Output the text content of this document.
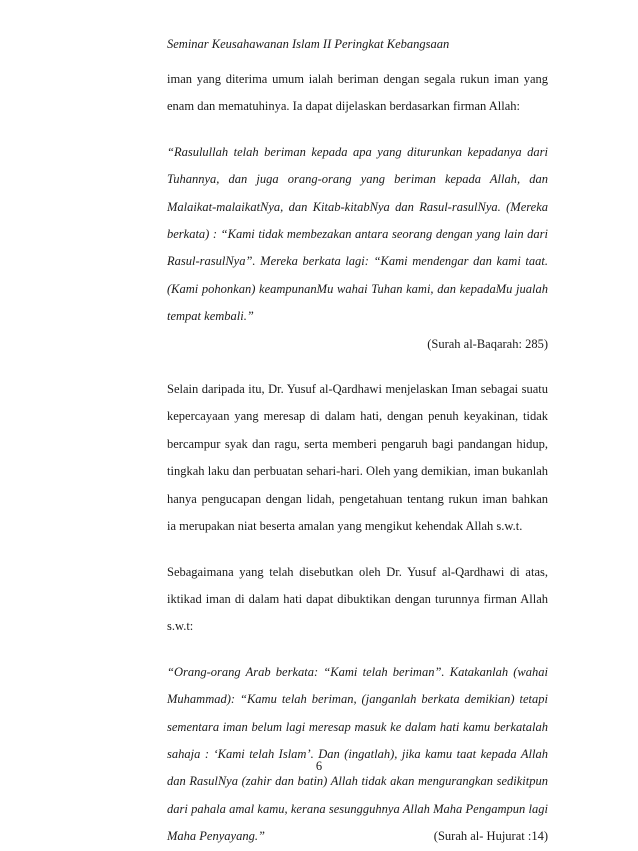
Seminar Keusahawanan Islam II Peringkat Kebangsaan

iman yang diterima umum ialah beriman dengan segala rukun iman yang
enam dan mematuhinya. Ia dapat dijelaskan berdasarkan firman Allah:

“Rasulullah telah beriman kepada apa yang diturunkan kepadanya dari
Tuhannya, dan juga orang-orang yang beriman kepada Allah, dan
Malaikat-malaikatNya, dan Kitab-kitabNya dan Rasul-rasulNya. (Mereka
berkata) : “Kami tidak membezakan antara seorang dengan yang lain dari
Rasul-rasulNya”. Mereka berkata lagi: “Kami mendengar dan kami taat.
(Kami pohonkan) keampunanMu wahai Tuhan kami, dan kepadaMu jualah
tempat kembali.”
(Surah al-Baqarah: 285)

Selain daripada itu, Dr. Yusuf al-Qardhawi menjelaskan Iman sebagai suatu
kepercayaan yang meresap di dalam hati, dengan penuh keyakinan, tidak
bercampur syak dan ragu, serta memberi pengaruh bagi pandangan hidup,
tingkah laku dan perbuatan sehari-hari. Oleh yang demikian, iman bukanlah
hanya pengucapan dengan lidah, pengetahuan tentang rukun iman bahkan
ia merupakan niat beserta amalan yang mengikut kehendak Allah s.w.t.

Sebagaimana yang telah disebutkan oleh Dr. Yusuf al-Qardhawi di atas,
iktikad iman di dalam hati dapat dibuktikan dengan turunnya firman Allah
s.w.t:

“Orang-orang Arab berkata: “Kami telah beriman”. Katakanlah (wahai
Muhammad): “Kamu telah beriman, (janganlah berkata demikian) tetapi
sementara iman belum lagi meresap masuk ke dalam hati kamu berkatalah
sahaja : ‘Kami telah Islam’. Dan (ingatlah), jika kamu taat kepada Allah
dan RasulNya (zahir dan batin) Allah tidak akan mengurangkan sedikitpun
dari pahala amal kamu, kerana sesungguhnya Allah Maha Pengampun lagi

Maha Penyayang.”	(Surah al- Hujurat :14)
6
